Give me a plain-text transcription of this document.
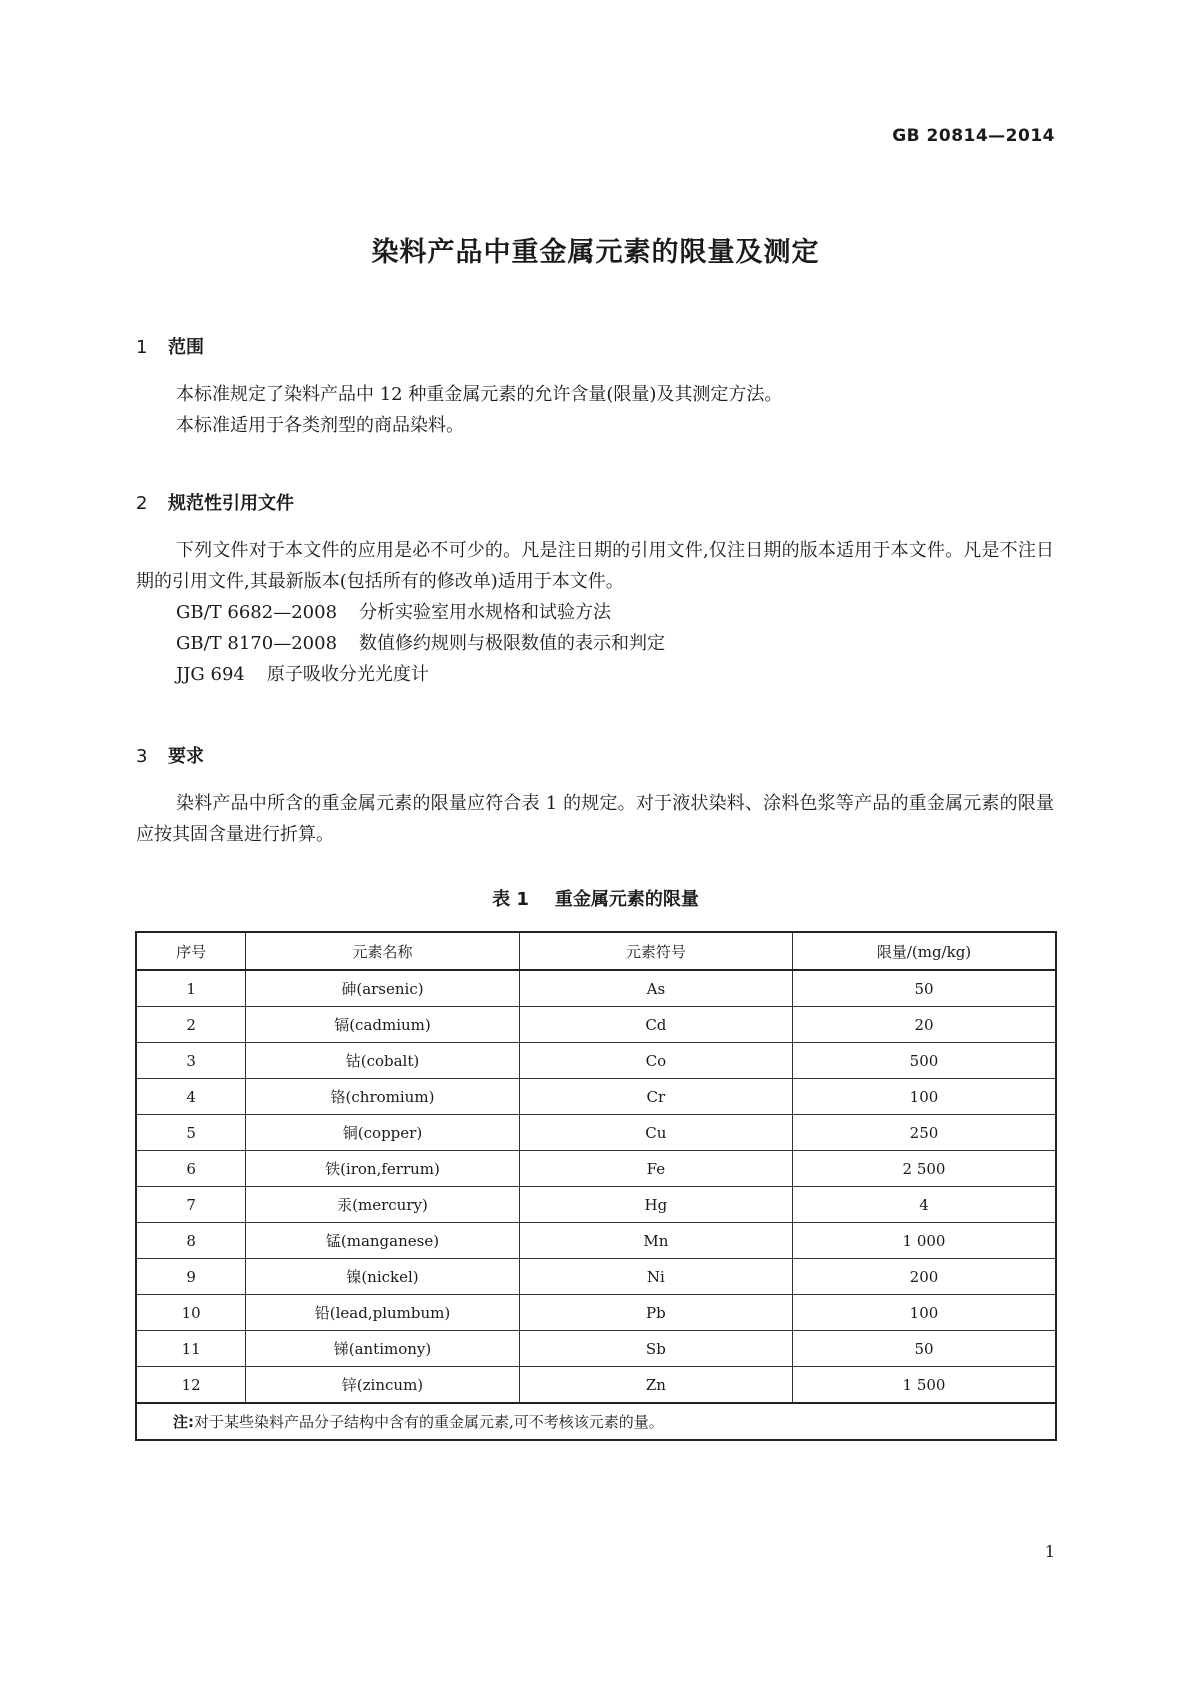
GB 20814—2014
染料产品中重金属元素的限量及测定
1 范围

本标准规定了染料产品中 12 种重金属元素的允许含量(限量)及其测定方法。

本标准适用于各类剂型的商品染料。

2 规范性引用文件

下列文件对于本文件的应用是必不可少的。凡是注日期的引用文件,仅注日期的版本适用于本文件。凡是不注日期的引用文件,其最新版本(包括所有的修改单)适用于本文件。

GB/T 6682—2008 分析实验室用水规格和试验方法
GB/T 8170—2008 数值修约规则与极限数值的表示和判定
JJG 694 原子吸收分光光度计
3 要求

染料产品中所含的重金属元素的限量应符合表 1 的规定。对于液状染料、涂料色浆等产品的重金属元素的限量应按其固含量进行折算。

表 1 重金属元素的限量
序号	元素名称	元素符号	限量/(mg/kg)
1	砷(arsenic)	As	50
2	镉(cadmium)	Cd	20
3	钴(cobalt)	Co	500
4	铬(chromium)	Cr	100
5	铜(copper)	Cu	250
6	铁(iron,ferrum)	Fe	2 500
7	汞(mercury)	Hg	4
8	锰(manganese)	Mn	1 000
9	镍(nickel)	Ni	200
10	铅(lead,plumbum)	Pb	100
11	锑(antimony)	Sb	50
12	锌(zincum)	Zn	1 500
注:对于某些染料产品分子结构中含有的重金属元素,可不考核该元素的量。			
1
